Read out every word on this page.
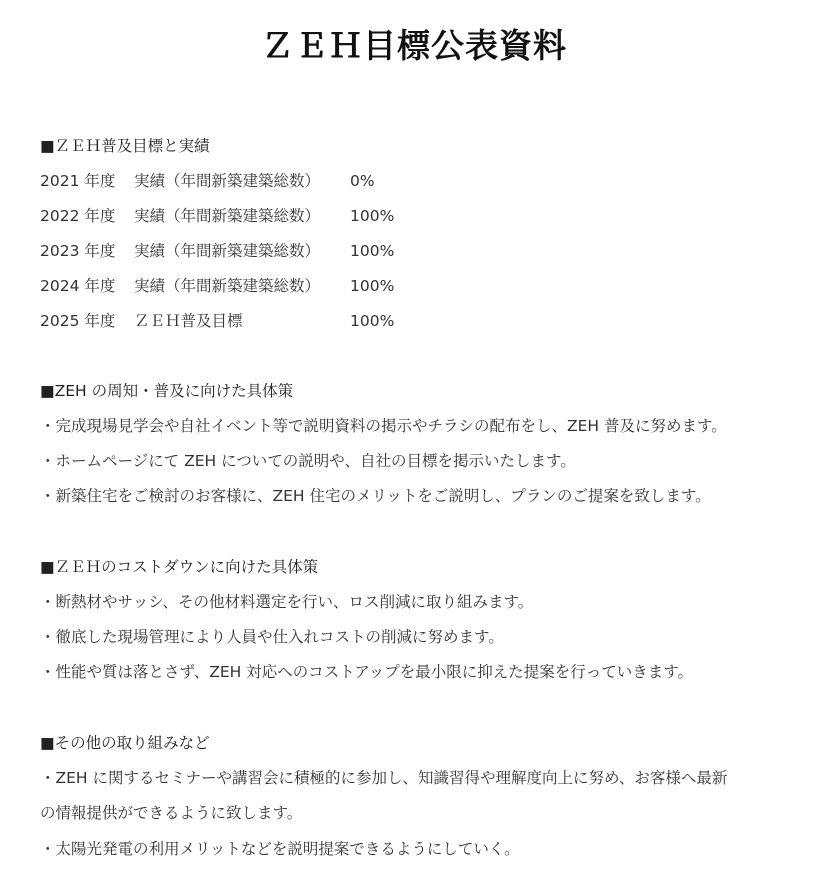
ＺＥＨ目標公表資料
■ＺＥＨ普及目標と実績
2021 年度 実績（年間新築建築総数） 0%
2022 年度 実績（年間新築建築総数） 100%
2023 年度 実績（年間新築建築総数） 100%
2024 年度 実績（年間新築建築総数） 100%
2025 年度 ＺＥＨ普及目標	100%
■ZEH の周知・普及に向けた具体策
・完成現場見学会や自社イベント等で説明資料の掲示やチラシの配布をし、ZEH 普及に努めます。
・ホームページにて ZEH についての説明や、自社の目標を掲示いたします。
・新築住宅をご検討のお客様に、ZEH 住宅のメリットをご説明し、プランのご提案を致します。
■ＺＥＨのコストダウンに向けた具体策
・断熱材やサッシ、その他材料選定を行い、ロス削減に取り組みます。
・徹底した現場管理により人員や仕入れコストの削減に努めます。
・性能や質は落とさず、ZEH 対応へのコストアップを最小限に抑えた提案を行っていきます。
■その他の取り組みなど
・ZEH に関するセミナーや講習会に積極的に参加し、知識習得や理解度向上に努め、お客様へ最新
の情報提供ができるように致します。
・太陽光発電の利用メリットなどを説明提案できるようにしていく。
